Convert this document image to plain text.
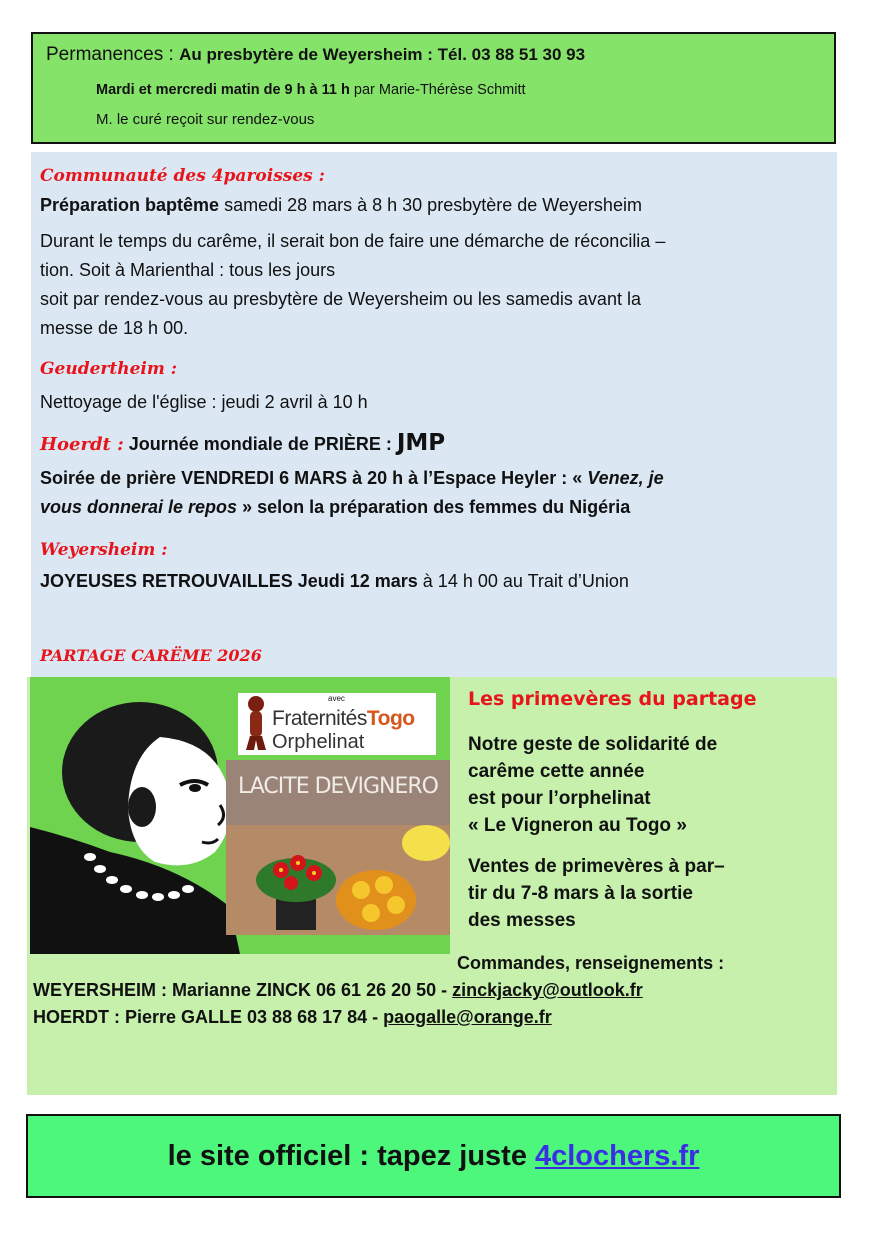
Permanences : Au presbytère de Weyersheim : Tél. 03 88 51 30 93
Mardi et mercredi matin de 9 h à 11 h par Marie-Thérèse Schmitt
M. le curé reçoit sur rendez-vous
Communauté des 4paroisses :
Préparation baptême samedi 28 mars à 8 h 30 presbytère de Weyersheim
Durant le temps du carême, il serait bon de faire une démarche de réconcilia –
tion. Soit à Marienthal : tous les jours
soit par rendez-vous au presbytère de Weyersheim ou les samedis avant la
messe de 18 h 00.
Geudertheim :
Nettoyage de l'église : jeudi 2 avril à 10 h
Hoerdt : Journée mondiale de PRIÈRE : JMP
Soirée de prière VENDREDI 6 MARS à 20 h à l’Espace Heyler : « Venez, je
vous donnerai le repos » selon la préparation des femmes du Nigéria
Weyersheim :
JOYEUSES RETROUVAILLES Jeudi 12 mars à 14 h 00 au Trait d’Union
PARTAGE CARËME 2026
LACITE DEVIGNERO
avec
FraternitésTogo
Orphelinat
Les primevères du partage
Notre geste de solidarité de
carême cette année
est pour l’orphelinat
« Le Vigneron au Togo »
Ventes de primevères à par–
tir du 7-8 mars à la sortie
des messes
Commandes, renseignements :
WEYERSHEIM : Marianne ZINCK 06 61 26 20 50 - zinckjacky@outlook.fr
HOERDT : Pierre GALLE 03 88 68 17 84 - paogalle@orange.fr
le site officiel : tapez juste 4clochers.fr
